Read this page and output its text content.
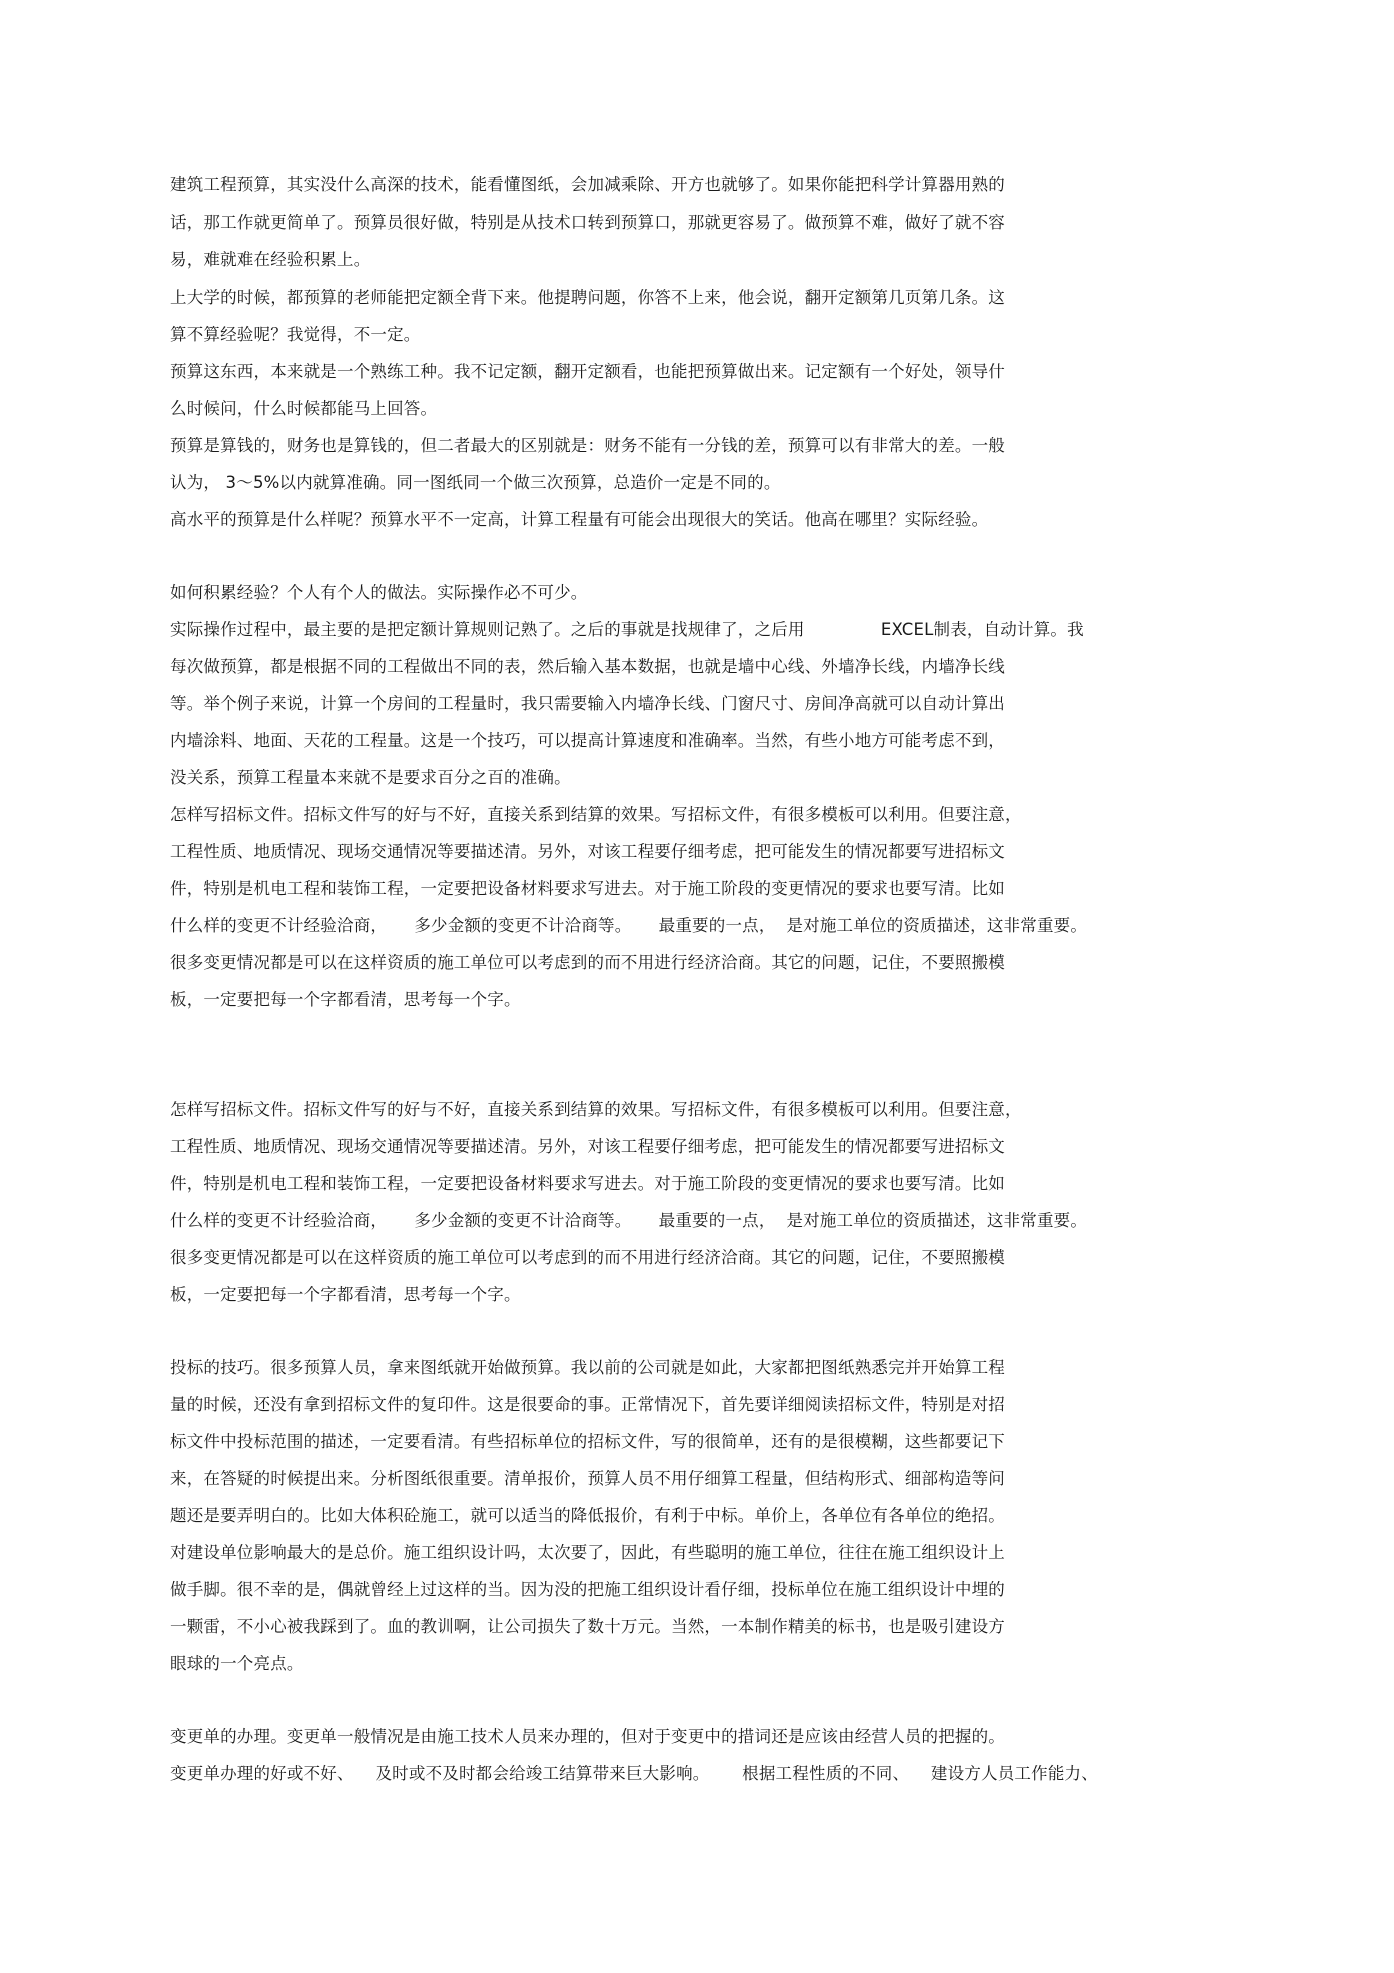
建筑工程预算，其实没什么高深的技术，能看懂图纸，会加减乘除、开方也就够了。如果你能把科学计算器用熟的
话，那工作就更简单了。预算员很好做，特别是从技术口转到预算口，那就更容易了。做预算不难，做好了就不容
易，难就难在经验积累上。
上大学的时候，都预算的老师能把定额全背下来。他提聘问题，你答不上来，他会说，翻开定额第几页第几条。这
算不算经验呢？我觉得，不一定。
预算这东西，本来就是一个熟练工种。我不记定额，翻开定额看，也能把预算做出来。记定额有一个好处，领导什
么时候问，什么时候都能马上回答。
预算是算钱的，财务也是算钱的，但二者最大的区别就是：财务不能有一分钱的差，预算可以有非常大的差。一般
认为， 3～5%以内就算准确。同一图纸同一个做三次预算，总造价一定是不同的。
高水平的预算是什么样呢？预算水平不一定高，计算工程量有可能会出现很大的笑话。他高在哪里？实际经验。
如何积累经验？个人有个人的做法。实际操作必不可少。
实际操作过程中，最主要的是把定额计算规则记熟了。之后的事就是找规律了，之后用              EXCEL制表，自动计算。我
每次做预算，都是根据不同的工程做出不同的表，然后输入基本数据，也就是墙中心线、外墙净长线，内墙净长线
等。举个例子来说，计算一个房间的工程量时，我只需要输入内墙净长线、门窗尺寸、房间净高就可以自动计算出
内墙涂料、地面、天花的工程量。这是一个技巧，可以提高计算速度和准确率。当然，有些小地方可能考虑不到，
没关系，预算工程量本来就不是要求百分之百的准确。
怎样写招标文件。招标文件写的好与不好，直接关系到结算的效果。写招标文件，有很多模板可以利用。但要注意，
工程性质、地质情况、现场交通情况等要描述清。另外，对该工程要仔细考虑，把可能发生的情况都要写进招标文
件，特别是机电工程和装饰工程，一定要把设备材料要求写进去。对于施工阶段的变更情况的要求也要写清。比如
什么样的变更不计经验洽商，     多少金额的变更不计洽商等。     最重要的一点，  是对施工单位的资质描述，这非常重要。
很多变更情况都是可以在这样资质的施工单位可以考虑到的而不用进行经济洽商。其它的问题，记住，不要照搬模
板，一定要把每一个字都看清，思考每一个字。
怎样写招标文件。招标文件写的好与不好，直接关系到结算的效果。写招标文件，有很多模板可以利用。但要注意，
工程性质、地质情况、现场交通情况等要描述清。另外，对该工程要仔细考虑，把可能发生的情况都要写进招标文
件，特别是机电工程和装饰工程，一定要把设备材料要求写进去。对于施工阶段的变更情况的要求也要写清。比如
什么样的变更不计经验洽商，     多少金额的变更不计洽商等。     最重要的一点，  是对施工单位的资质描述，这非常重要。
很多变更情况都是可以在这样资质的施工单位可以考虑到的而不用进行经济洽商。其它的问题，记住，不要照搬模
板，一定要把每一个字都看清，思考每一个字。
投标的技巧。很多预算人员，拿来图纸就开始做预算。我以前的公司就是如此，大家都把图纸熟悉完并开始算工程
量的时候，还没有拿到招标文件的复印件。这是很要命的事。正常情况下，首先要详细阅读招标文件，特别是对招
标文件中投标范围的描述，一定要看清。有些招标单位的招标文件，写的很简单，还有的是很模糊，这些都要记下
来，在答疑的时候提出来。分析图纸很重要。清单报价，预算人员不用仔细算工程量，但结构形式、细部构造等问
题还是要弄明白的。比如大体积砼施工，就可以适当的降低报价，有利于中标。单价上，各单位有各单位的绝招。
对建设单位影响最大的是总价。施工组织设计吗，太次要了，因此，有些聪明的施工单位，往往在施工组织设计上
做手脚。很不幸的是，偶就曾经上过这样的当。因为没的把施工组织设计看仔细，投标单位在施工组织设计中埋的
一颗雷，不小心被我踩到了。血的教训啊，让公司损失了数十万元。当然，一本制作精美的标书，也是吸引建设方
眼球的一个亮点。
变更单的办理。变更单一般情况是由施工技术人员来办理的，但对于变更中的措词还是应该由经营人员的把握的。
变更单办理的好或不好、    及时或不及时都会给竣工结算带来巨大影响。      根据工程性质的不同、    建设方人员工作能力、
